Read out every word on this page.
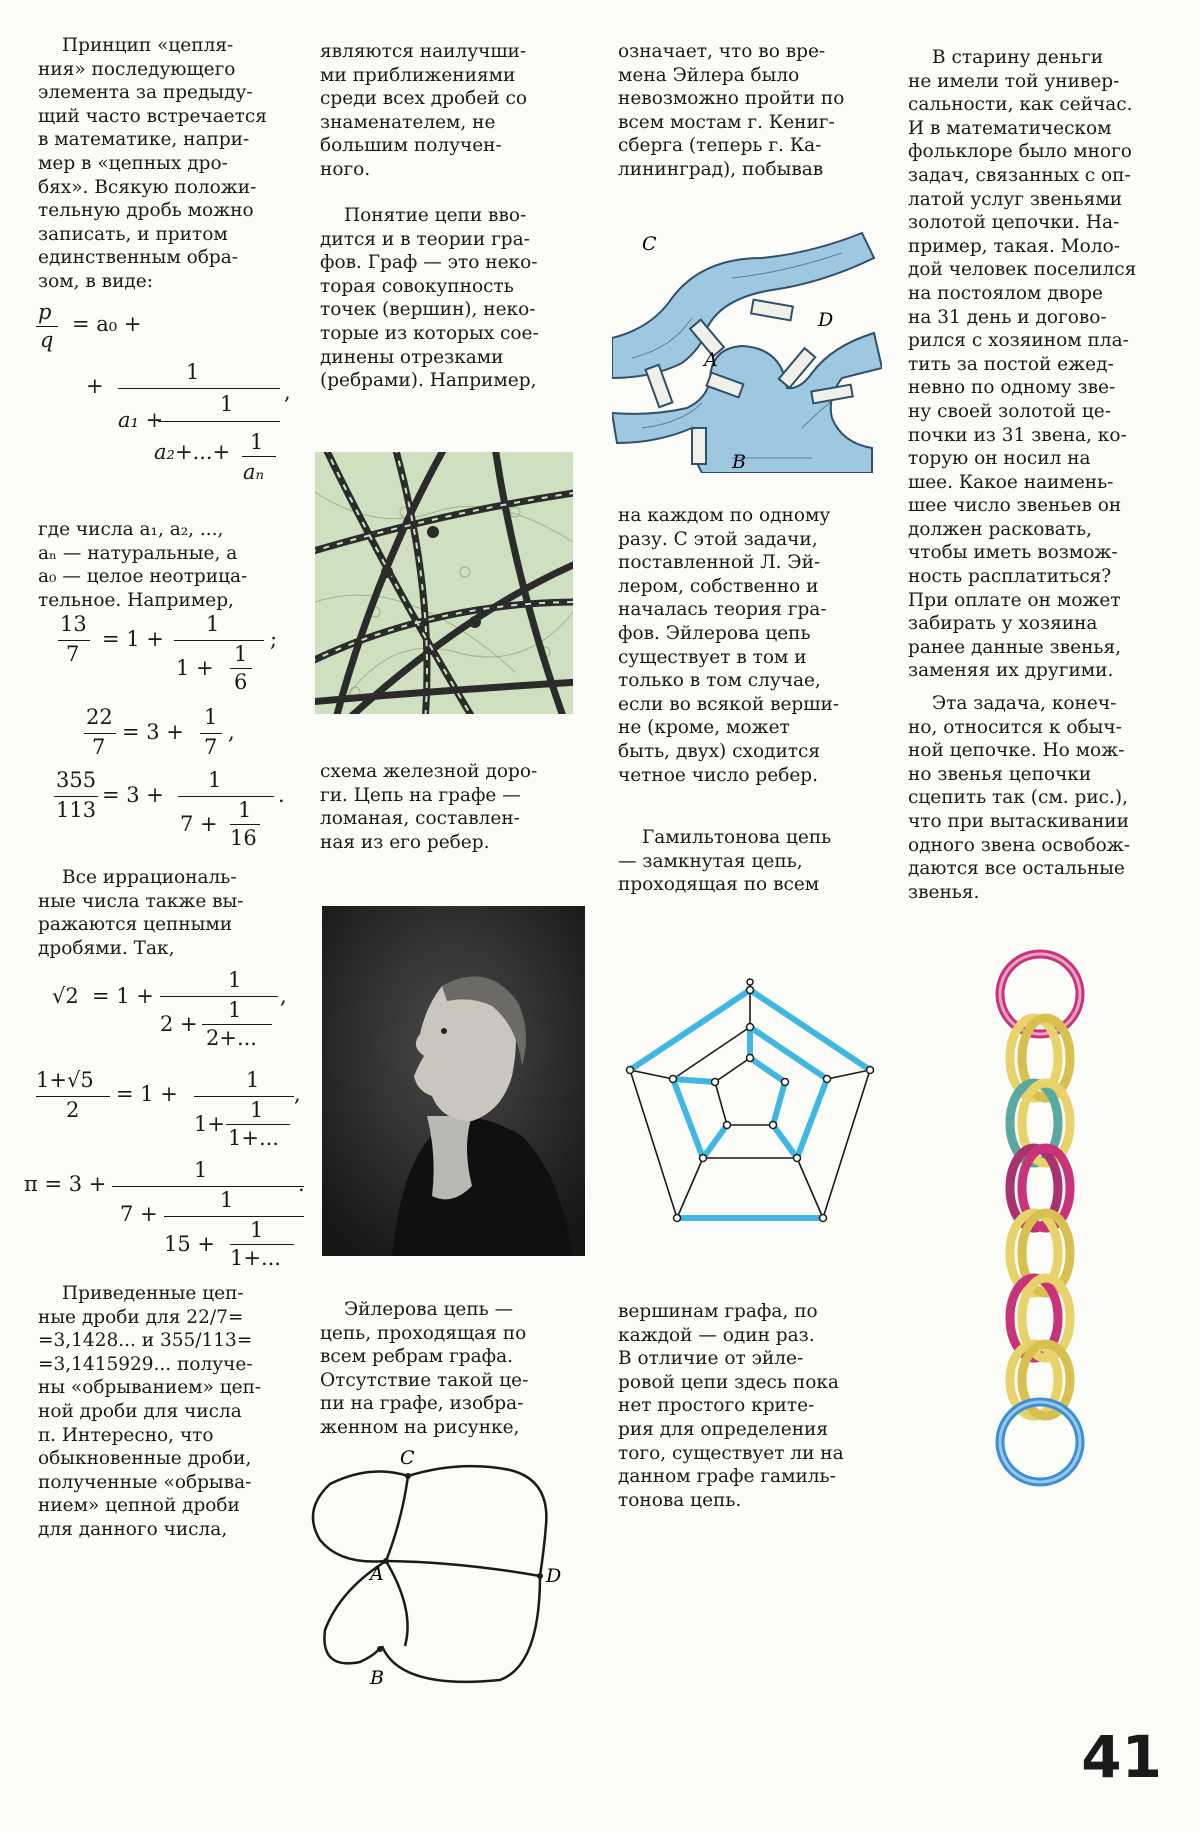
Принцип «цепля-
ния» последующего
элемента за предыду-
щий часто встречается
в математике, напри-
мер в «цепных дро-
бях». Всякую положи-
тельную дробь можно
записать, и притом
единственным обра-
зом, в виде:
p
q
= a₀ +
+
1
,
a₁ +
1
a₂+...+ 1
aₙ
где числа a₁, a₂, ...,
aₙ — натуральные, а
a₀ — целое неотрица-
тельное. Например,
13
7
= 1 +
1
1 +
1
6
;
22
7
= 3 +
1
7
,
355
113
= 3 +
1
7 +
1
16
.
Все иррациональ-
ные числа также вы-
ражаются цепными
дробями. Так,
√2 = 1 +
1
2 +
1
2+...
,
1+√5
2
= 1 +
1
1+
1
1+...
,
π = 3 +
1
.
7 +
1
15 +
1
1+...
Приведенные цеп-
ные дроби для 22/7=
=3,1428... и 355/113=
=3,1415929... получе-
ны «обрыванием» цеп-
ной дроби для числа
π. Интересно, что
обыкновенные дроби,
полученные «обрыва-
нием» цепной дроби
для данного числа,
являются наилучши-
ми приближениями
среди всех дробей со
знаменателем, не
большим получен-
ного.
Понятие цепи вво-
дится и в теории гра-
фов. Граф — это неко-
торая совокупность
точек (вершин), неко-
торые из которых сое-
динены отрезками
(ребрами). Например,
схема железной доро-
ги. Цепь на графе —
ломаная, составлен-
ная из его ребер.
Эйлерова цепь —
цепь, проходящая по
всем ребрам графа.
Отсутствие такой це-
пи на графе, изобра-
женном на рисунке,
C
A	D
B
означает, что во вре-
мена Эйлера было
невозможно пройти по
всем мостам г. Кениг-
сберга (теперь г. Ка-
лининград), побывав
C
A
D
B
на каждом по одному
разу. С этой задачи,
поставленной Л. Эй-
лером, собственно и
началась теория гра-
фов. Эйлерова цепь
существует в том и
только в том случае,
если во всякой верши-
не (кроме, может
быть, двух) сходится
четное число ребер.
Гамильтонова цепь
— замкнутая цепь,
проходящая по всем
вершинам графа, по
каждой — один раз.
В отличие от эйле-
ровой цепи здесь пока
нет простого крите-
рия для определения
того, существует ли на
данном графе гамиль-
тонова цепь.
В старину деньги
не имели той универ-
сальности, как сейчас.
И в математическом
фольклоре было много
задач, связанных с оп-
латой услуг звеньями
золотой цепочки. На-
пример, такая. Моло-
дой человек поселился
на постоялом дворе
на 31 день и догово-
рился с хозяином пла-
тить за постой ежед-
невно по одному зве-
ну своей золотой це-
почки из 31 звена, ко-
торую он носил на
шее. Какое наимень-
шее число звеньев он
должен расковать,
чтобы иметь возмож-
ность расплатиться?
При оплате он может
забирать у хозяина
ранее данные звенья,
заменяя их другими.
Эта задача, конеч-
но, относится к обыч-
ной цепочке. Но мож-
но звенья цепочки
сцепить так (см. рис.),
что при вытаскивании
одного звена освобож-
даются все остальные
звенья.
41
